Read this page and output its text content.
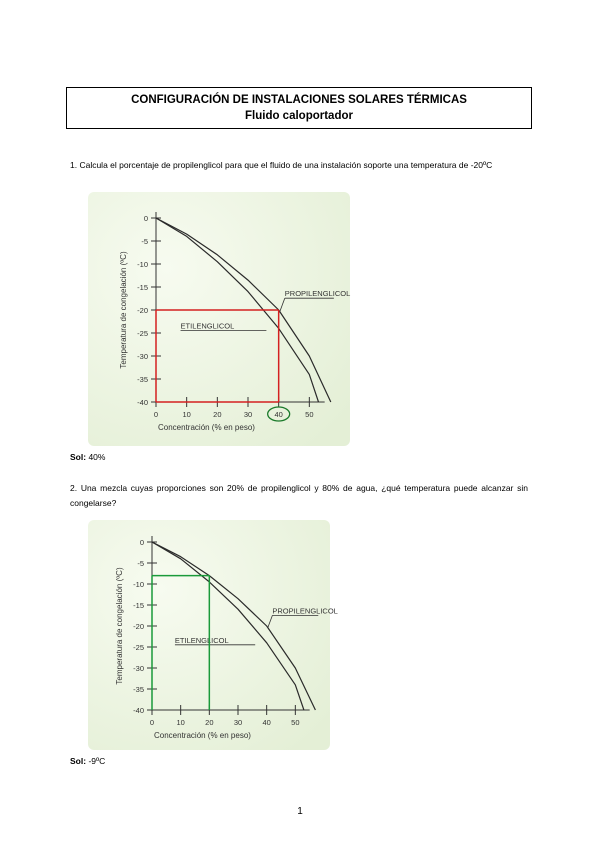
CONFIGURACIÓN DE INSTALACIONES SOLARES TÉRMICAS
Fluido caloportador
1. Calcula el porcentaje de propilenglicol para que el fluido de una instalación soporte una temperatura de -20ºC
0
-5
-10
-15
-20
-25
-30
-35
-40
0	10	20	30	40	50
Concentración (% en peso)
Temperatura de congelación (ºC)	ETILENGLICOL
PROPILENGLICOL
Sol: 40%
2. Una mezcla cuyas proporciones son 20% de propilenglicol y 80% de agua, ¿qué temperatura puede alcanzar sin congelarse?
0
-5
-10
-15
-20
-25
-30
-35
-40
0	10	20	30	40	50
Concentración (% en peso)
Temperatura de congelación (ºC)	ETILENGLICOL
PROPILENGLICOL
Sol: -9ºC
1
